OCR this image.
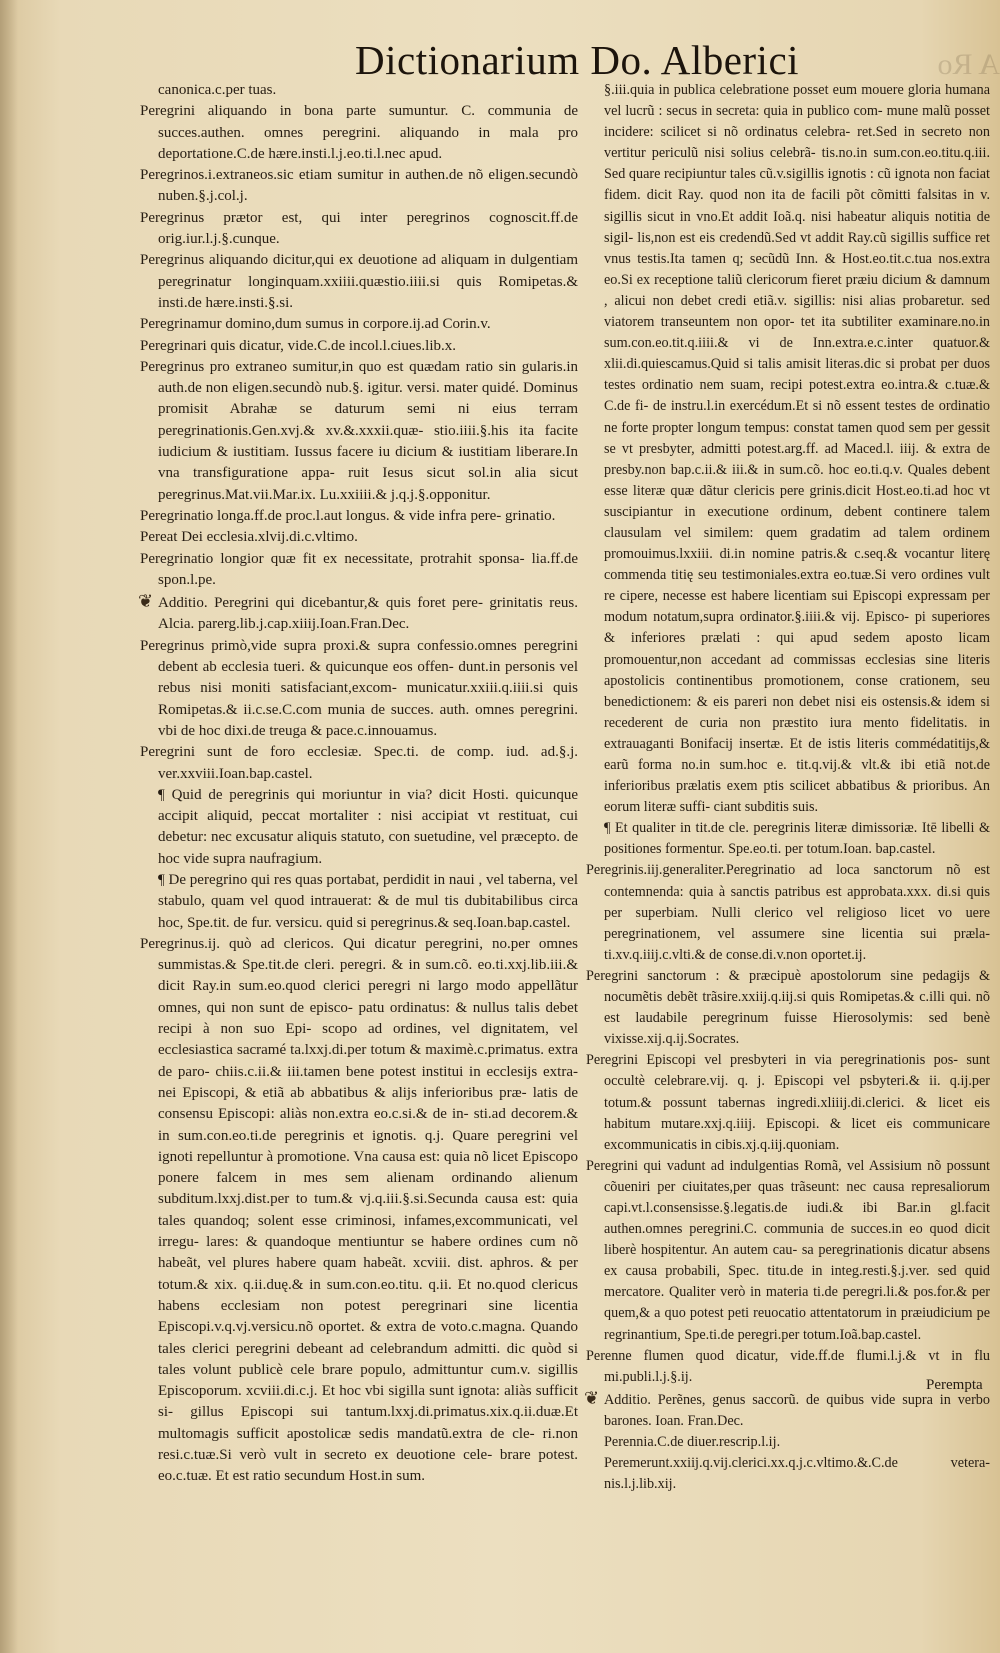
A Ro
Dictionarium Do. Alberici

canonica.c.per tuas.

Peregrini aliquando in bona parte sumuntur. C. communia de succes.authen. omnes peregrini. aliquando in mala pro deportatione.C.de hære.insti.l.j.eo.ti.l.nec apud.

Peregrinos.i.extraneos.sic etiam sumitur in authen.de nõ eligen.secundò nuben.§.j.col.j.

Peregrinus prætor est, qui inter peregrinos cognoscit.ff.de orig.iur.l.j.§.cunque.

Peregrinus aliquando dicitur,qui ex deuotione ad aliquam in dulgentiam peregrinatur longinquam.xxiiii.quæstio.iiii.si quis Romipetas.& insti.de hære.insti.§.si.

Peregrinamur domino,dum sumus in corpore.ij.ad Corin.v.

Peregrinari quis dicatur, vide.C.de incol.l.ciues.lib.x.

Peregrinus pro extraneo sumitur,in quo est quædam ratio sin gularis.in auth.de non eligen.secundò nub.§. igitur. versi. mater quidé. Dominus promisit Abrahæ se daturum semi ni eius terram peregrinationis.Gen.xvj.& xv.&.xxxii.quæ- stio.iiii.§.his ita facite iudicium & iustitiam. Iussus facere iu dicium & iustitiam liberare.In vna transfiguratione appa- ruit Iesus sicut sol.in alia sicut peregrinus.Mat.vii.Mar.ix. Lu.xxiiii.& j.q.j.§.opponitur.

Peregrinatio longa.ff.de proc.l.aut longus. & vide infra pere- grinatio.

Pereat Dei ecclesia.xlvij.di.c.vltimo.

Peregrinatio longior quæ fit ex necessitate, protrahit sponsa- lia.ff.de spon.l.pe.

❦ Additio. Peregrini qui dicebantur,& quis foret pere- grinitatis reus. Alcia. parerg.lib.j.cap.xiiij.Ioan.Fran.Dec.

Peregrinus primò,vide supra proxi.& supra confessio.omnes peregrini debent ab ecclesia tueri. & quicunque eos offen- dunt.in personis vel rebus nisi moniti satisfaciant,excom- municatur.xxiii.q.iiii.si quis Romipetas.& ii.c.se.C.com munia de succes. auth. omnes peregrini. vbi de hoc dixi.de treuga & pace.c.innouamus.

Peregrini sunt de foro ecclesiæ. Spec.ti. de comp. iud. ad.§.j. ver.xxviii.Ioan.bap.castel.

¶ Quid de peregrinis qui moriuntur in via? dicit Hosti. quicunque accipit aliquid, peccat mortaliter : nisi accipiat vt restituat, cui debetur: nec excusatur aliquis statuto, con suetudine, vel præcepto. de hoc vide supra naufragium.

¶ De peregrino qui res quas portabat, perdidit in naui , vel taberna, vel stabulo, quam vel quod intrauerat: & de mul tis dubitabilibus circa hoc, Spe.tit. de fur. versicu. quid si peregrinus.& seq.Ioan.bap.castel.

Peregrinus.ij. quò ad clericos. Qui dicatur peregrini, no.per omnes summistas.& Spe.tit.de cleri. peregri. & in sum.cõ. eo.ti.xxj.lib.iii.& dicit Ray.in sum.eo.quod clerici peregri ni largo modo appellãtur omnes, qui non sunt de episco- patu ordinatus: & nullus talis debet recipi à non suo Epi- scopo ad ordines, vel dignitatem, vel ecclesiastica sacramé ta.lxxj.di.per totum & maximè.c.primatus. extra de paro- chiis.c.ii.& iii.tamen bene potest institui in ecclesijs extra- nei Episcopi, & etiã ab abbatibus & alijs inferioribus præ- latis de consensu Episcopi: aliàs non.extra eo.c.si.& de in- sti.ad decorem.& in sum.con.eo.ti.de peregrinis et ignotis. q.j. Quare peregrini vel ignoti repelluntur à promotione. Vna causa est: quia nõ licet Episcopo ponere falcem in mes sem alienam ordinando alienum subditum.lxxj.dist.per to tum.& vj.q.iii.§.si.Secunda causa est: quia tales quandoq; solent esse criminosi, infames,excommunicati, vel irregu- lares: & quandoque mentiuntur se habere ordines cum nõ habeãt, vel plures habere quam habeãt. xcviii. dist. aphros. & per totum.& xix. q.ii.duę.& in sum.con.eo.titu. q.ii. Et no.quod clericus habens ecclesiam non potest peregrinari sine licentia Episcopi.v.q.vj.versicu.nõ oportet. & extra de voto.c.magna. Quando tales clerici peregrini debeant ad celebrandum admitti. dic quòd si tales volunt publicè cele brare populo, admittuntur cum.v. sigillis Episcoporum. xcviii.di.c.j. Et hoc vbi sigilla sunt ignota: aliàs sufficit si- gillus Episcopi sui tantum.lxxj.di.primatus.xix.q.ii.duæ.Et multomagis sufficit apostolicæ sedis mandatũ.extra de cle- ri.non resi.c.tuæ.Si verò vult in secreto ex deuotione cele- brare potest. eo.c.tuæ. Et est ratio secundum Host.in sum.

§.iii.quia in publica celebratione posset eum mouere gloria humana vel lucrũ : secus in secreta: quia in publico com- mune malũ posset incidere: scilicet si nõ ordinatus celebra- ret.Sed in secreto non vertitur periculũ nisi solius celebrã- tis.no.in sum.con.eo.titu.q.iii. Sed quare recipiuntur tales cũ.v.sigillis ignotis : cũ ignota non faciat fidem. dicit Ray. quod non ita de facili põt cõmitti falsitas in v. sigillis sicut in vno.Et addit Ioã.q. nisi habeatur aliquis notitia de sigil- lis,non est eis credendũ.Sed vt addit Ray.cũ sigillis suffice ret vnus testis.Ita tamen q; secũdũ Inn. & Host.eo.tit.c.tua nos.extra eo.Si ex receptione taliũ clericorum fieret præiu dicium & damnum , alicui non debet credi etiã.v. sigillis: nisi alias probaretur. sed viatorem transeuntem non opor- tet ita subtiliter examinare.no.in sum.con.eo.tit.q.iiii.& vi de Inn.extra.e.c.inter quatuor.& xlii.di.quiescamus.Quid si talis amisit literas.dic si probat per duos testes ordinatio nem suam, recipi potest.extra eo.intra.& c.tuæ.& C.de fi- de instru.l.in exercédum.Et si nõ essent testes de ordinatio ne forte propter longum tempus: constat tamen quod sem per gessit se vt presbyter, admitti potest.arg.ff. ad Maced.l. iiij. & extra de presby.non bap.c.ii.& iii.& in sum.cõ. hoc eo.ti.q.v. Quales debent esse literæ quæ dãtur clericis pere grinis.dicit Host.eo.ti.ad hoc vt suscipiantur in executione ordinum, debent continere talem clausulam vel similem: quem gradatim ad talem ordinem promouimus.lxxiii. di.in nomine patris.& c.seq.& vocantur literę commenda titię seu testimoniales.extra eo.tuæ.Si vero ordines vult re cipere, necesse est habere licentiam sui Episcopi expressam per modum notatum,supra ordinator.§.iiii.& vij. Episco- pi superiores & inferiores prælati : qui apud sedem aposto licam promouentur,non accedant ad commissas ecclesias sine literis apostolicis continentibus promotionem, conse crationem, seu benedictionem: & eis pareri non debet nisi eis ostensis.& idem si recederent de curia non præstito iura mento fidelitatis. in extrauaganti Bonifacij insertæ. Et de istis literis commédatitijs,& earũ forma no.in sum.hoc e. tit.q.vij.& vlt.& ibi etiã not.de inferioribus prælatis exem ptis scilicet abbatibus & prioribus. An eorum literæ suffi- ciant subditis suis.

¶ Et qualiter in tit.de cle. peregrinis literæ dimissoriæ. Itē libelli & positiones formentur. Spe.eo.ti. per totum.Ioan. bap.castel.

Peregrinis.iij.generaliter.Peregrinatio ad loca sanctorum nõ est contemnenda: quia à sanctis patribus est approbata.xxx. di.si quis per superbiam. Nulli clerico vel religioso licet vo uere peregrinationem, vel assumere sine licentia sui præla- ti.xv.q.iiij.c.vlti.& de conse.di.v.non oportet.ij.

Peregrini sanctorum : & præcipuè apostolorum sine pedagijs & nocumẽtis debẽt trãsire.xxiij.q.iij.si quis Romipetas.& c.illi qui. nõ est laudabile peregrinum fuisse Hierosolymis: sed benè vixisse.xij.q.ij.Socrates.

Peregrini Episcopi vel presbyteri in via peregrinationis pos- sunt occultè celebrare.vij. q. j. Episcopi vel psbyteri.& ii. q.ij.per totum.& possunt tabernas ingredi.xliiij.di.clerici. & licet eis habitum mutare.xxj.q.iiij. Episcopi. & licet eis communicare excommunicatis in cibis.xj.q.iij.quoniam.

Peregrini qui vadunt ad indulgentias Romã, vel Assisium nõ possunt cõueniri per ciuitates,per quas trãseunt: nec causa represaliorum capi.vt.l.consensisse.§.legatis.de iudi.& ibi Bar.in gl.facit authen.omnes peregrini.C. communia de succes.in eo quod dicit liberè hospitentur. An autem cau- sa peregrinationis dicatur absens ex causa probabili, Spec. titu.de in integ.resti.§.j.ver. sed quid mercatore. Qualiter verò in materia ti.de peregri.li.& pos.for.& per quem,& a quo potest peti reuocatio attentatorum in præiudicium pe regrinantium, Spe.ti.de peregri.per totum.Ioã.bap.castel.

Perenne flumen quod dicatur, vide.ff.de flumi.l.j.& vt in flu mi.publi.l.j.§.ij.

❦ Additio. Perẽnes, genus saccorũ. de quibus vide supra in verbo barones. Ioan. Fran.Dec.

Perennia.C.de diuer.rescrip.l.ij.

Peremerunt.xxiij.q.vij.clerici.xx.q.j.c.vltimo.&.C.de vetera- nis.l.j.lib.xij.

Perempta
